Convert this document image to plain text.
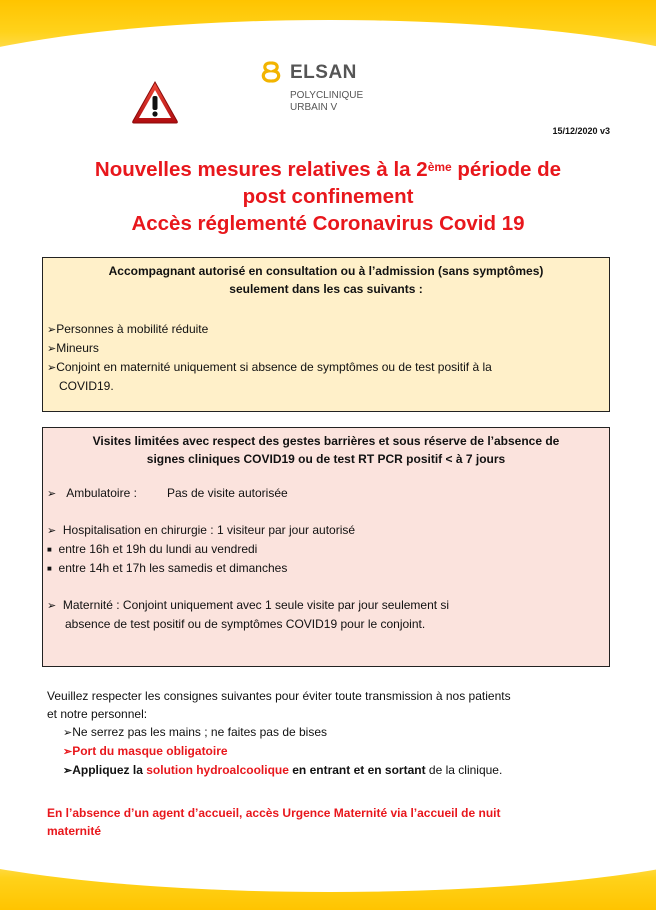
ELSAN
POLYCLINIQUE
URBAIN V
15/12/2020 v3
Nouvelles mesures relatives à la 2ème période de
post confinement
Accès réglementé Coronavirus Covid 19
Accompagnant autorisé en consultation ou à l’admission (sans symptômes)
seulement dans les cas suivants :
➢Personnes à mobilité réduite
➢Mineurs
➢Conjoint en maternité uniquement si absence de symptômes ou de test positif à la
COVID19.
Visites limitées avec respect des gestes barrières et sous réserve de l’absence de
signes cliniques COVID19 ou de test RT PCR positif < à 7 jours
➢ Ambulatoire :	Pas de visite autorisée
➢ Hospitalisation en chirurgie : 1 visiteur par jour autorisé
■ entre 16h et 19h du lundi au vendredi
■ entre 14h et 17h les samedis et dimanches
➢ Maternité : Conjoint uniquement avec 1 seule visite par jour seulement si
absence de test positif ou de symptômes COVID19 pour le conjoint.
Veuillez respecter les consignes suivantes pour éviter toute transmission à nos patients
et notre personnel:
➢Ne serrez pas les mains ; ne faites pas de bises
➢Port du masque obligatoire
➢Appliquez la solution hydroalcoolique en entrant et en sortant de la clinique.
En l’absence d’un agent d’accueil, accès Urgence Maternité via l’accueil de nuit
maternité
